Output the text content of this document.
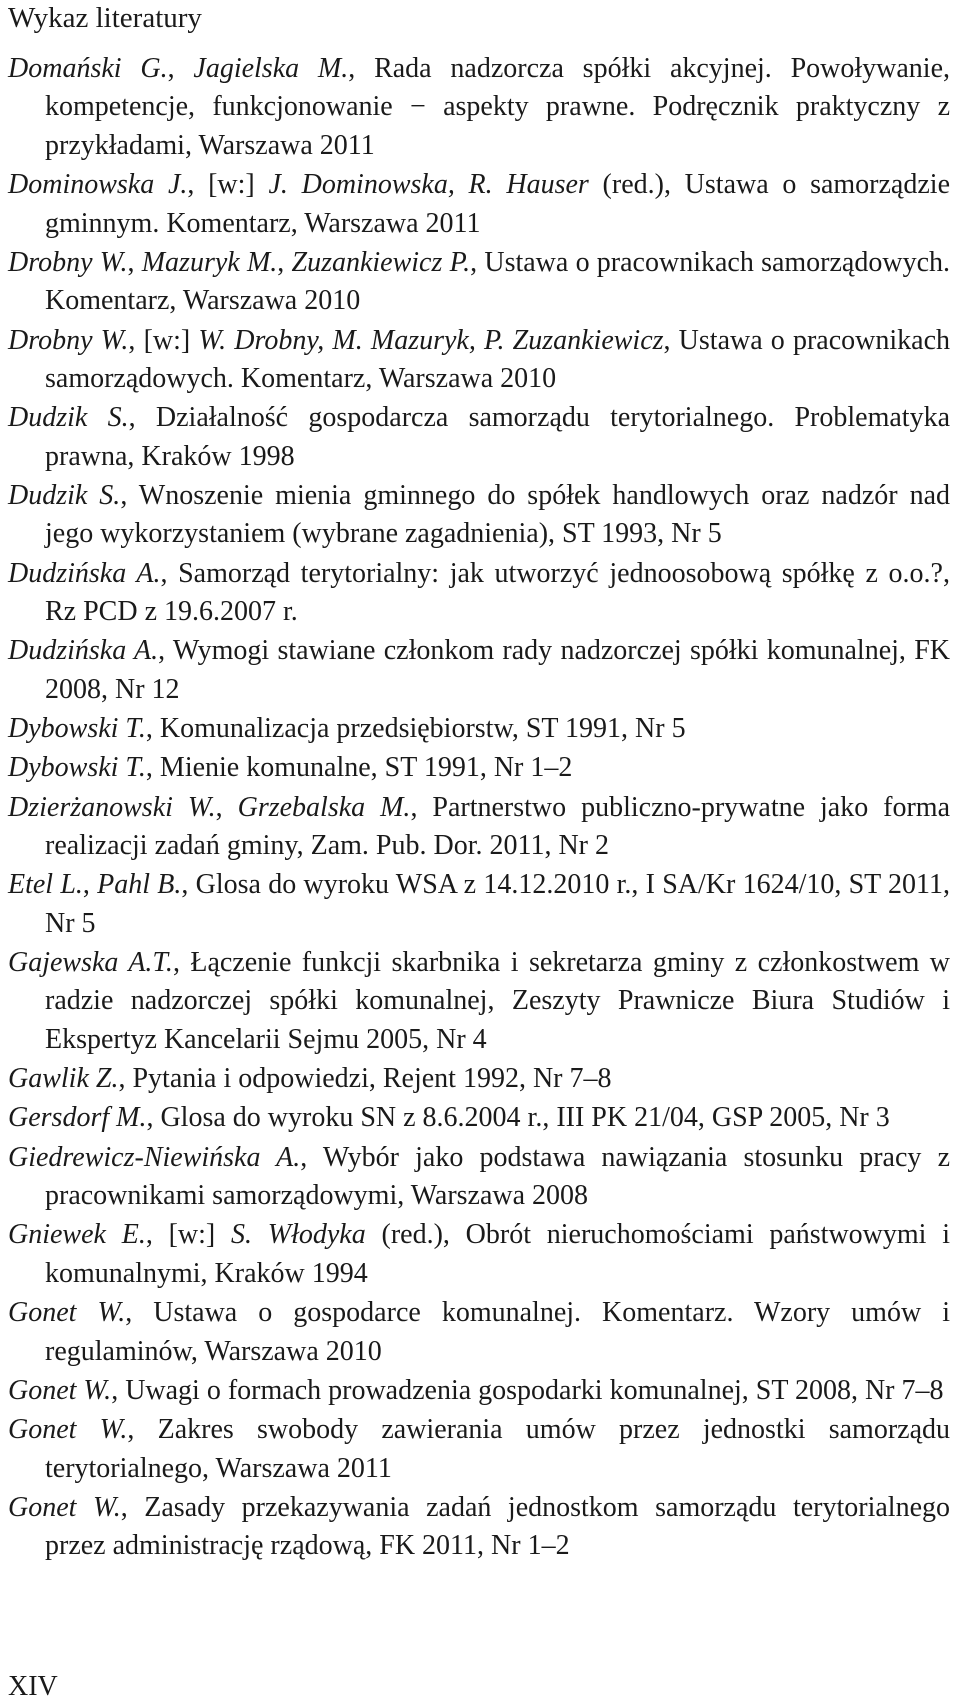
Wykaz literatury
Domański G., Jagielska M., Rada nadzorcza spółki akcyjnej. Powoływanie, kompetencje, funkcjonowanie − aspekty prawne. Podręcznik praktyczny z przykładami, Warszawa 2011
Dominowska J., [w:] J. Dominowska, R. Hauser (red.), Ustawa o samorządzie gminnym. Komentarz, Warszawa 2011
Drobny W., Mazuryk M., Zuzankiewicz P., Ustawa o pracownikach samorządowych. Komentarz, Warszawa 2010
Drobny W., [w:] W. Drobny, M. Mazuryk, P. Zuzankiewicz, Ustawa o pracownikach samorządowych. Komentarz, Warszawa 2010
Dudzik S., Działalność gospodarcza samorządu terytorialnego. Problematyka prawna, Kraków 1998
Dudzik S., Wnoszenie mienia gminnego do spółek handlowych oraz nadzór nad jego wykorzystaniem (wybrane zagadnienia), ST 1993, Nr 5
Dudzińska A., Samorząd terytorialny: jak utworzyć jednoosobową spółkę z o.o.?, Rz PCD z 19.6.2007 r.
Dudzińska A., Wymogi stawiane członkom rady nadzorczej spółki komunalnej, FK 2008, Nr 12
Dybowski T., Komunalizacja przedsiębiorstw, ST 1991, Nr 5
Dybowski T., Mienie komunalne, ST 1991, Nr 1–2
Dzierżanowski W., Grzebalska M., Partnerstwo publiczno-prywatne jako forma realizacji zadań gminy, Zam. Pub. Dor. 2011, Nr 2
Etel L., Pahl B., Glosa do wyroku WSA z 14.12.2010 r., I SA/Kr 1624/10, ST 2011, Nr 5
Gajewska A.T., Łączenie funkcji skarbnika i sekretarza gminy z członkostwem w radzie nadzorczej spółki komunalnej, Zeszyty Prawnicze Biura Studiów i Ekspertyz Kancelarii Sejmu 2005, Nr 4
Gawlik Z., Pytania i odpowiedzi, Rejent 1992, Nr 7–8
Gersdorf M., Glosa do wyroku SN z 8.6.2004 r., III PK 21/04, GSP 2005, Nr 3
Giedrewicz-Niewińska A., Wybór jako podstawa nawiązania stosunku pracy z pracownikami samorządowymi, Warszawa 2008
Gniewek E., [w:] S. Włodyka (red.), Obrót nieruchomościami państwowymi i komunalnymi, Kraków 1994
Gonet W., Ustawa o gospodarce komunalnej. Komentarz. Wzory umów i regulaminów, Warszawa 2010
Gonet W., Uwagi o formach prowadzenia gospodarki komunalnej, ST 2008, Nr 7–8
Gonet W., Zakres swobody zawierania umów przez jednostki samorządu terytorialnego, Warszawa 2011
Gonet W., Zasady przekazywania zadań jednostkom samorządu terytorialnego przez administrację rządową, FK 2011, Nr 1–2
XIV
